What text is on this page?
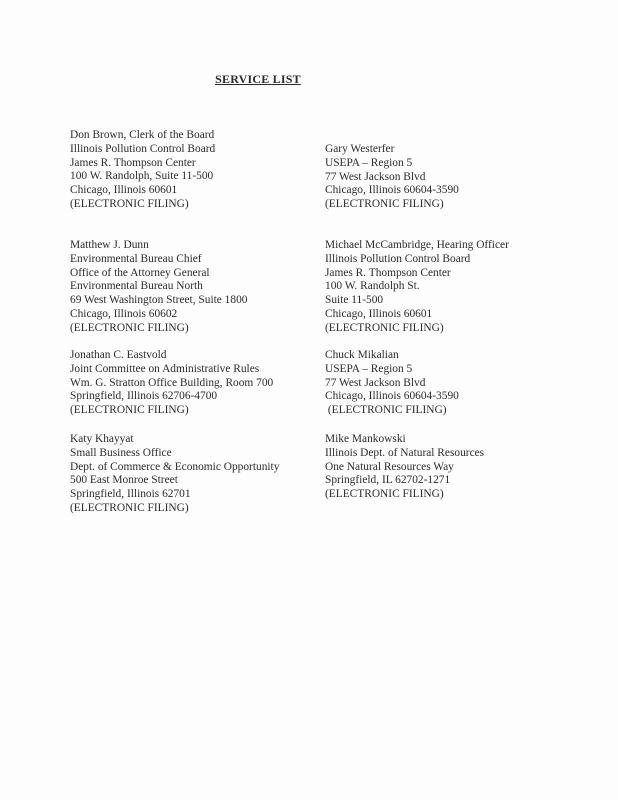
SERVICE LIST
Don Brown, Clerk of the Board
Illinois Pollution Control Board
James R. Thompson Center
100 W. Randolph, Suite 11-500
Chicago, Illinois 60601
(ELECTRONIC FILING)
Gary Westerfer
USEPA – Region 5
77 West Jackson Blvd
Chicago, Illinois 60604-3590
(ELECTRONIC FILING)
Matthew J. Dunn
Environmental Bureau Chief
Office of the Attorney General
Environmental Bureau North
69 West Washington Street, Suite 1800
Chicago, Illinois 60602
(ELECTRONIC FILING)
Michael McCambridge, Hearing Officer
Illinois Pollution Control Board
James R. Thompson Center
100 W. Randolph St.
Suite 11-500
Chicago, Illinois 60601
(ELECTRONIC FILING)
Jonathan C. Eastvold
Joint Committee on Administrative Rules
Wm. G. Stratton Office Building, Room 700
Springfield, Illinois 62706-4700
(ELECTRONIC FILING)
Chuck Mikalian
USEPA – Region 5
77 West Jackson Blvd
Chicago, Illinois 60604-3590
(ELECTRONIC FILING)
Katy Khayyat
Small Business Office
Dept. of Commerce & Economic Opportunity
500 East Monroe Street
Springfield, Illinois 62701
(ELECTRONIC FILING)
Mike Mankowski
Illinois Dept. of Natural Resources
One Natural Resources Way
Springfield, IL 62702-1271
(ELECTRONIC FILING)
